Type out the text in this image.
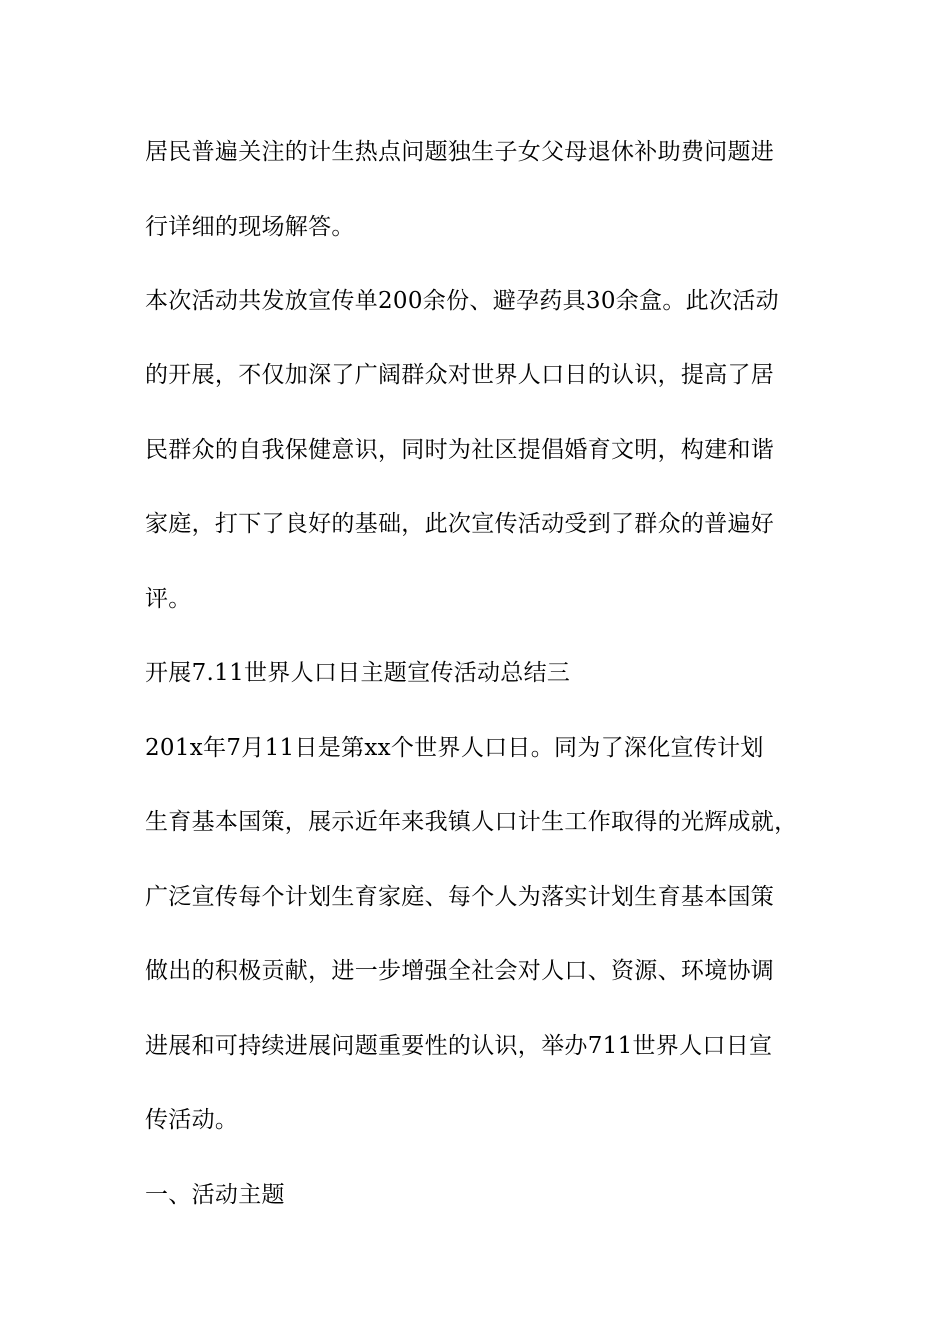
居民普遍关注的计生热点问题独生子女父母退休补助费问题进
行详细的现场解答。
本次活动共发放宣传单200余份、避孕药具30余盒。此次活动
的开展，不仅加深了广阔群众对世界人口日的认识，提高了居
民群众的自我保健意识，同时为社区提倡婚育文明，构建和谐
家庭，打下了良好的基础，此次宣传活动受到了群众的普遍好
评。
开展7.11世界人口日主题宣传活动总结三
201x年7月11日是第xx个世界人口日。同为了深化宣传计划
生育基本国策，展示近年来我镇人口计生工作取得的光辉成就，
广泛宣传每个计划生育家庭、每个人为落实计划生育基本国策
做出的积极贡献，进一步增强全社会对人口、资源、环境协调
进展和可持续进展问题重要性的认识，举办711世界人口日宣
传活动。
一、活动主题
